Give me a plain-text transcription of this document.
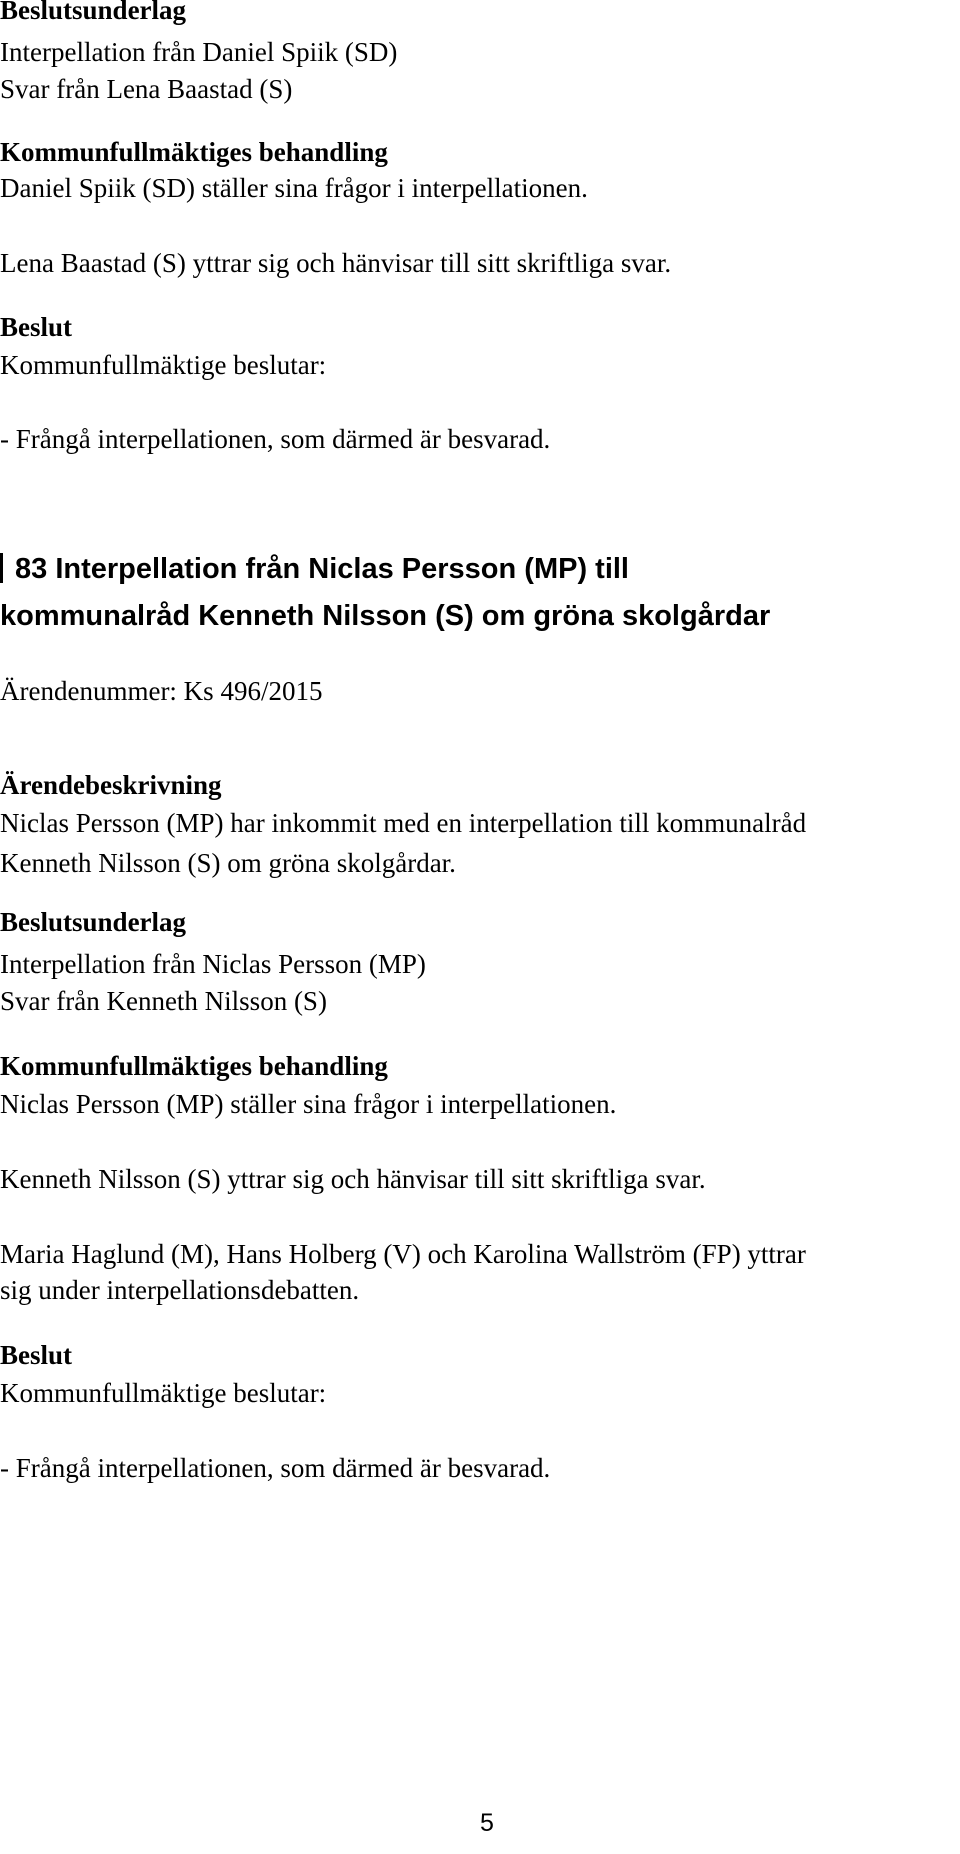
Beslutsunderlag
Interpellation från Daniel Spiik (SD)
Svar från Lena Baastad (S)
Kommunfullmäktiges behandling
Daniel Spiik (SD) ställer sina frågor i interpellationen.
Lena Baastad (S) yttrar sig och hänvisar till sitt skriftliga svar.
Beslut
Kommunfullmäktige beslutar:
- Frångå interpellationen, som därmed är besvarad.
83 Interpellation från Niclas Persson (MP) till
kommunalråd Kenneth Nilsson (S) om gröna skolgårdar
Ärendenummer: Ks 496/2015
Ärendebeskrivning
Niclas Persson (MP) har inkommit med en interpellation till kommunalråd
Kenneth Nilsson (S) om gröna skolgårdar.
Beslutsunderlag
Interpellation från Niclas Persson (MP)
Svar från Kenneth Nilsson (S)
Kommunfullmäktiges behandling
Niclas Persson (MP) ställer sina frågor i interpellationen.
Kenneth Nilsson (S) yttrar sig och hänvisar till sitt skriftliga svar.
Maria Haglund (M), Hans Holberg (V) och Karolina Wallström (FP) yttrar
sig under interpellationsdebatten.
Beslut
Kommunfullmäktige beslutar:
- Frångå interpellationen, som därmed är besvarad.
5
